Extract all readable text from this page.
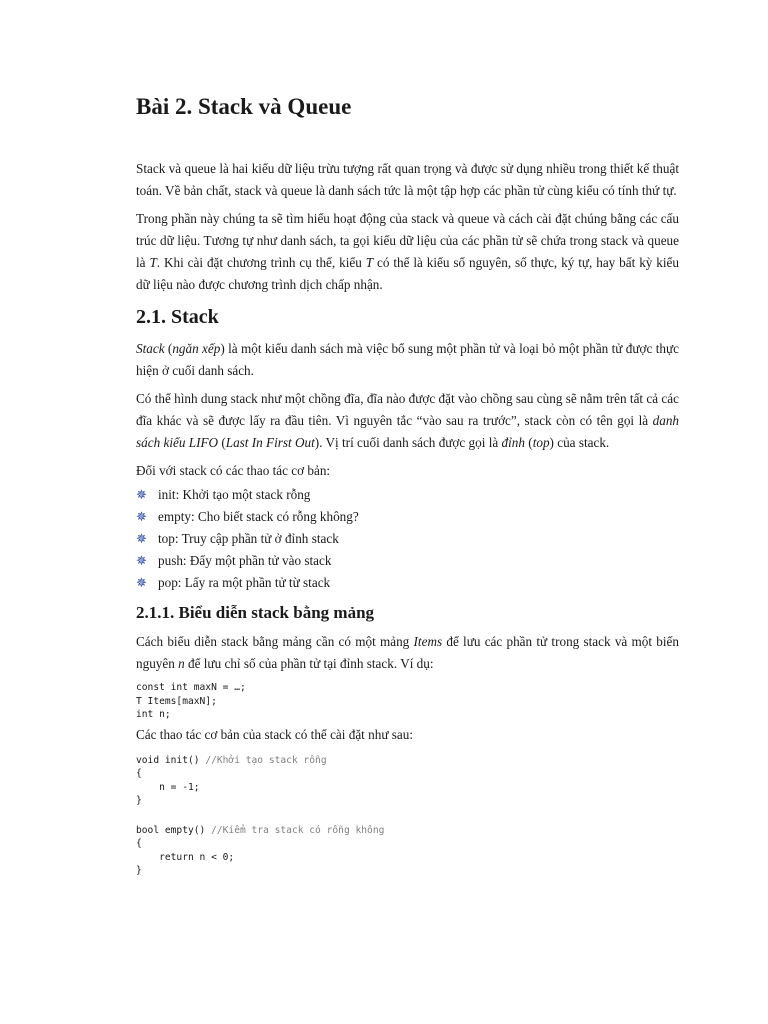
Bài 2. Stack và Queue

Stack và queue là hai kiểu dữ liệu trừu tượng rất quan trọng và được sử dụng nhiều trong thiết kế thuật toán. Về bản chất, stack và queue là danh sách tức là một tập hợp các phần tử cùng kiểu có tính thứ tự.

Trong phần này chúng ta sẽ tìm hiểu hoạt động của stack và queue và cách cài đặt chúng bằng các cấu trúc dữ liệu. Tương tự như danh sách, ta gọi kiểu dữ liệu của các phần tử sẽ chứa trong stack và queue là T. Khi cài đặt chương trình cụ thể, kiểu T có thể là kiểu số nguyên, số thực, ký tự, hay bất kỳ kiểu dữ liệu nào được chương trình dịch chấp nhận.

2.1. Stack

Stack (ngăn xếp) là một kiểu danh sách mà việc bổ sung một phần tử và loại bỏ một phần tử được thực hiện ở cuối danh sách.

Có thể hình dung stack như một chồng đĩa, đĩa nào được đặt vào chồng sau cùng sẽ nằm trên tất cả các đĩa khác và sẽ được lấy ra đầu tiên. Vì nguyên tắc “vào sau ra trước”, stack còn có tên gọi là danh sách kiểu LIFO (Last In First Out). Vị trí cuối danh sách được gọi là đỉnh (top) của stack.

Đối với stack có các thao tác cơ bản:

✵ init: Khởi tạo một stack rỗng
✵ empty: Cho biết stack có rỗng không?
✵ top: Truy cập phần tử ở đỉnh stack
✵ push: Đẩy một phần tử vào stack
✵ pop: Lấy ra một phần tử từ stack
2.1.1. Biểu diễn stack bằng mảng

Cách biểu diễn stack bằng mảng cần có một mảng Items để lưu các phần tử trong stack và một biến nguyên n để lưu chỉ số của phần tử tại đỉnh stack. Ví dụ:

const int maxN = …;
T Items[maxN];
int n;

Các thao tác cơ bản của stack có thể cài đặt như sau:

void init() //Khởi tạo stack rỗng
{
n = -1;
}
bool empty() //Kiểm tra stack có rỗng không
{
return n < 0;
}
